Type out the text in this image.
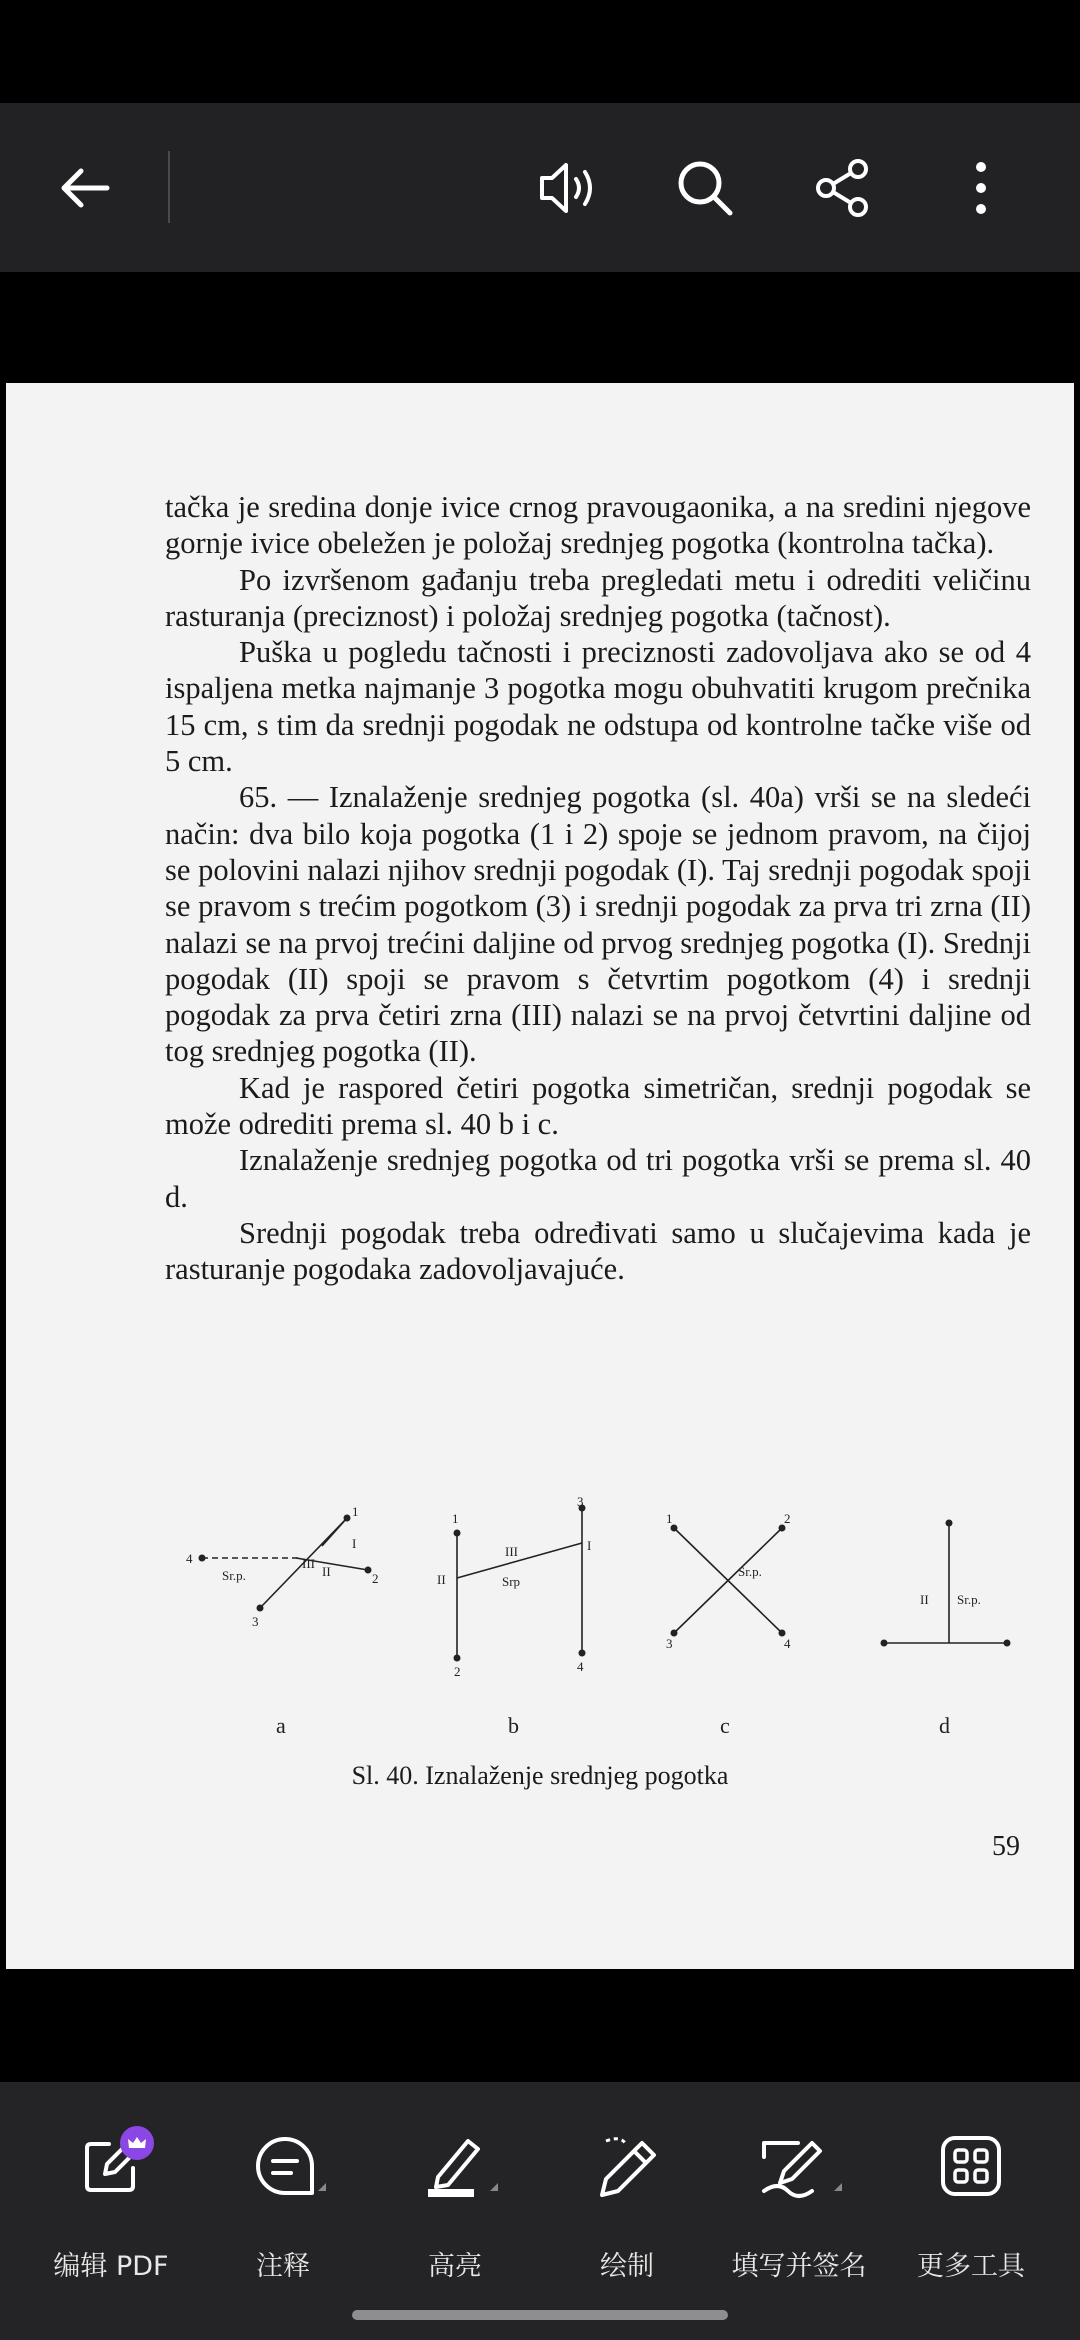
tačka je sredina donje ivice crnog pravougaonika, a na sredini njegove gornje ivice obeležen je položaj srednjeg pogotka (kontrolna tačka).

Po izvršenom gađanju treba pregledati metu i odrediti veličinu rasturanja (preciznost) i položaj srednjeg pogotka (tačnost).

Puška u pogledu tačnosti i preciznosti zadovoljava ako se od 4 ispaljena metka najmanje 3 pogotka mogu obuhvatiti krugom prečnika 15 cm, s tim da srednji pogodak ne odstupa od kontrolne tačke više od 5 cm.

65. — Iznalaženje srednjeg pogotka (sl. 40a) vrši se na sledeći način: dva bilo koja pogotka (1 i 2) spoje se jednom pravom, na čijoj se polovini nalazi njihov srednji pogodak (I). Taj srednji pogodak spoji se pravom s trećim pogotkom (3) i srednji pogodak za prva tri zrna (II) nalazi se na prvoj trećini daljine od prvog srednjeg pogotka (I). Srednji pogodak (II) spoji se pravom s četvrtim pogotkom (4) i srednji pogodak za prva četiri zrna (III) nalazi se na prvoj četvrtini daljine od tog srednjeg pogotka (II).

Kad je raspored četiri pogotka simetričan, srednji pogodak se može odrediti prema sl. 40 b i c.

Iznalaženje srednjeg pogotka od tri pogotka vrši se prema sl. 40 d.

Srednji pogodak treba određivati samo u slučajevima kada je rasturanje pogodaka zadovoljavajuće.

1
2
3
4
I
II
III
Sr.p.
1
2
3
4
II
I
III
Srp
1	2
3	4
Sr.p.
II Sr.p.
a	b	c	d
Sl. 40. Iznalaženje srednjeg pogotka
59
编辑 PDF	注释	高亮	绘制	填写并签名	更多工具
